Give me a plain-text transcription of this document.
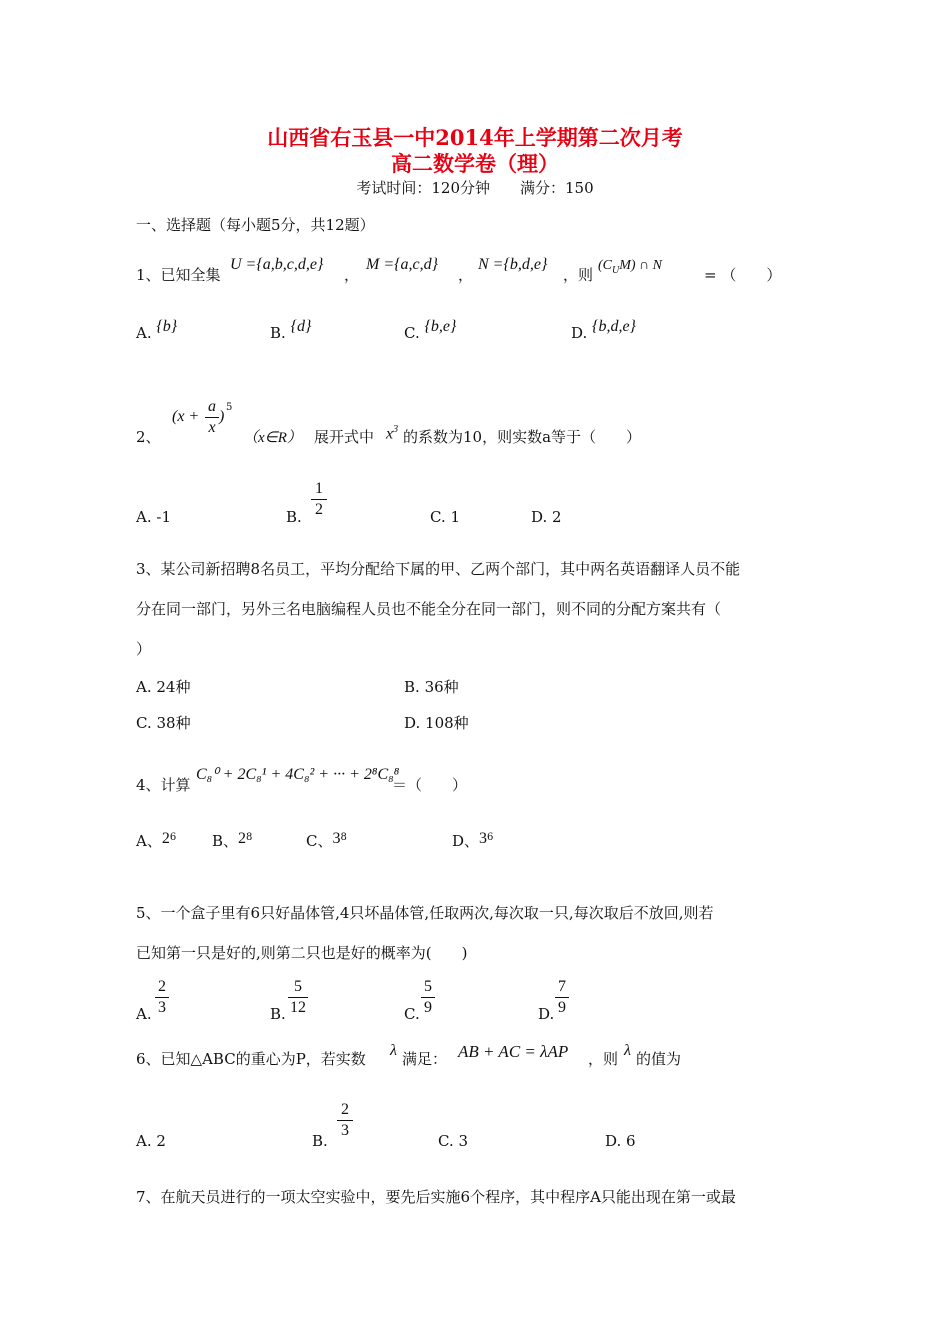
山西省右玉县一中2014年上学期第二次月考
高二数学卷（理）
考试时间：120分钟　　满分：150
一、选择题（每小题5分，共12题）
1、已知全集
U ={a,b,c,d,e}
，
M ={a,c,d}
，
N ={b,d,e}
，则
$(C_UM)$ ∩ N
= （　　）
A. {b}	B. {d}	C. {b,e}	D. {b,d,e}
2、
(x +
a
x
)
5
（x∈R） 展开式中 $x^3$ 的系数为10，则实数a等于（　　）
A. -1	B.
1
2	C. 1	D. 2
3、某公司新招聘8名员工，平均分配给下属的甲、乙两个部门，其中两名英语翻译人员不能
分在同一部门，另外三名电脑编程人员也不能全分在同一部门，则不同的分配方案共有（
）
A. 24种	B. 36种
C. 38种	D. 108种
4、计算
C₈⁰ + 2C₈¹ + 4C₈² + ··· + 2⁸C₈⁸
＝（　　）
A、$2^6$ B、$2^8$	C、$3^8$	D、$3^6$
5、一个盒子里有6只好晶体管,4只坏晶体管,任取两次,每次取一只,每次取后不放回,则若
已知第一只是好的,则第二只也是好的概率为(　　)
A.
2
3	B.
5
12	C.
5
9	D.
7
9
6、已知△ABC的重心为P，若实数 λ 满足： AB + AC = λAP ，则 λ 的值为
A. 2	B.
2
3
C. 3	D. 6
7、在航天员进行的一项太空实验中，要先后实施6个程序，其中程序A只能出现在第一或最
